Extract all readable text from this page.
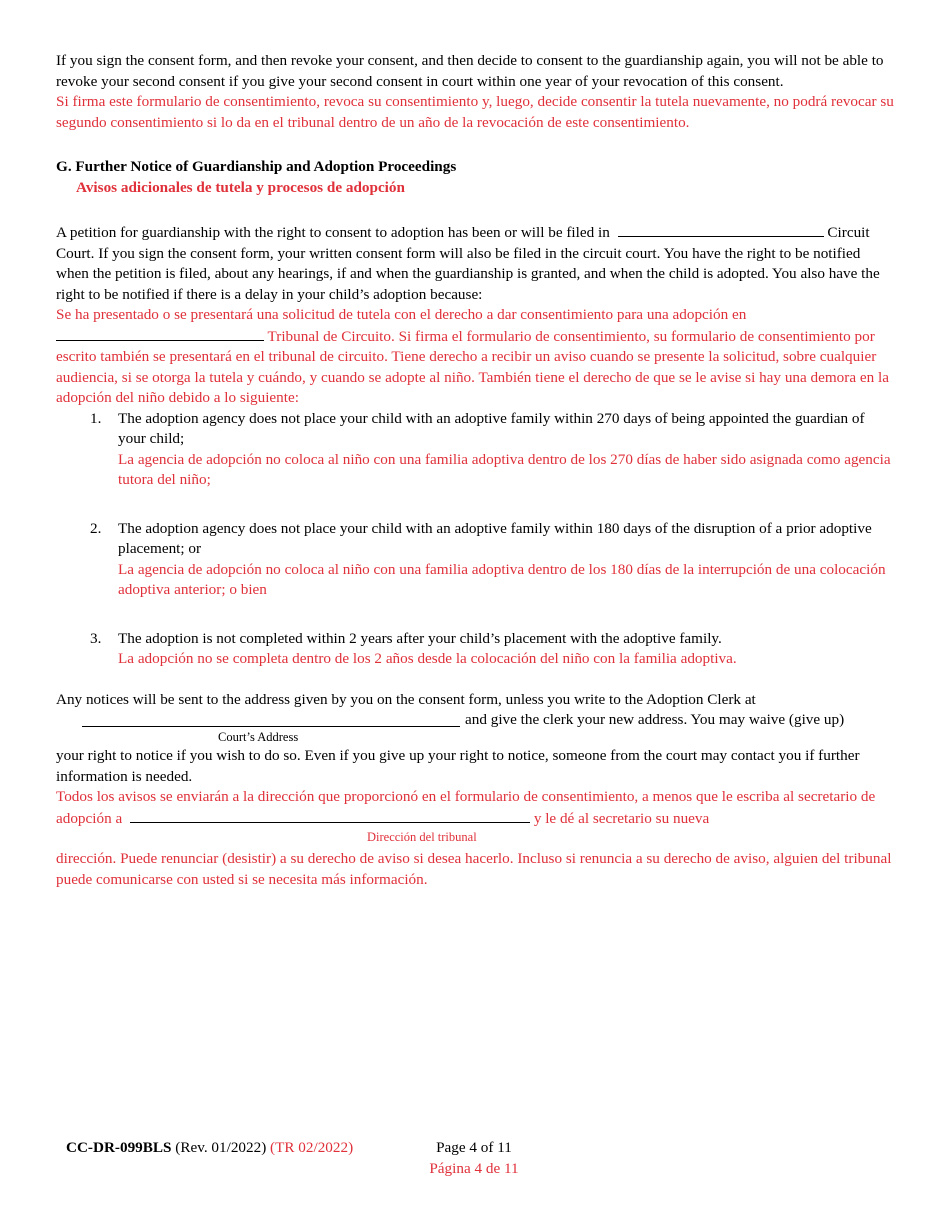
If you sign the consent form, and then revoke your consent, and then decide to consent to the guardianship again, you will not be able to revoke your second consent if you give your second consent in court within one year of your revocation of this consent.

Si firma este formulario de consentimiento, revoca su consentimiento y, luego, decide consentir la tutela nuevamente, no podrá revocar su segundo consentimiento si lo da en el tribunal dentro de un año de la revocación de este consentimiento.

G. Further Notice of Guardianship and Adoption Proceedings

Avisos adicionales de tutela y procesos de adopción

A petition for guardianship with the right to consent to adoption has been or will be filed in	Circuit Court. If you sign the consent form, your written consent form will also be filed in the circuit court. You have the right to be notified when the petition is filed, about any hearings, if and when the guardianship is granted, and when the child is adopted. You also have the right to be notified if there is a delay in your child’s adoption because:

Se ha presentado o se presentará una solicitud de tutela con el derecho a dar consentimiento para una adopción en  Tribunal de Circuito. Si firma el formulario de consentimiento, su formulario de consentimiento por escrito también se presentará en el tribunal de circuito. Tiene derecho a recibir un aviso cuando se presente la solicitud, sobre cualquier audiencia, si se otorga la tutela y cuándo, y cuando se adopte al niño. También tiene el derecho de que se le avise si hay una demora en la adopción del niño debido a lo siguiente:

1. The adoption agency does not place your child with an adoptive family within 270 days of being appointed the guardian of your child;
La agencia de adopción no coloca al niño con una familia adoptiva dentro de los 270 días de haber sido asignada como agencia tutora del niño;
2. The adoption agency does not place your child with an adoptive family within 180 days of the disruption of a prior adoptive placement; or
La agencia de adopción no coloca al niño con una familia adoptiva dentro de los 180 días de la interrupción de una colocación adoptiva anterior; o bien
3. The adoption is not completed within 2 years after your child’s placement with the adoptive family.
La adopción no se completa dentro de los 2 años desde la colocación del niño con la familia adoptiva.

Any notices will be sent to the address given by you on the consent form, unless you write to the Adoption Clerk at

and give the clerk your new address. You may waive (give up)
Court’s Address

your right to notice if you wish to do so. Even if you give up your right to notice, someone from the court may contact you if further information is needed.

Todos los avisos se enviarán a la dirección que proporcionó en el formulario de consentimiento, a menos que le escriba al secretario de adopción a	y le dé al secretario su nueva

Dirección del tribunal

dirección. Puede renunciar (desistir) a su derecho de aviso si desea hacerlo. Incluso si renuncia a su derecho de aviso, alguien del tribunal puede comunicarse con usted si se necesita más información.

CC-DR-099BLS (Rev. 01/2022) (TR 02/2022)	Page 4 of 11
Página 4 de 11
